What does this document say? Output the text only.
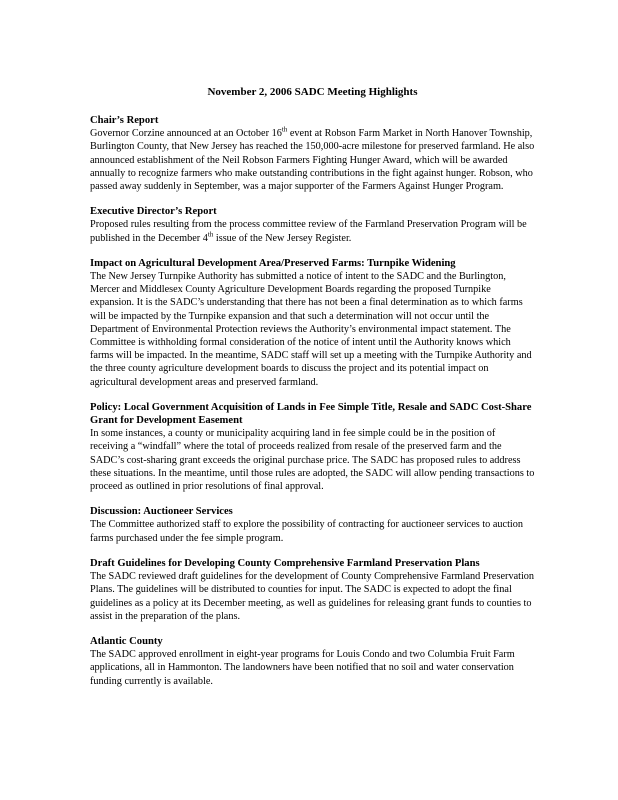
November 2, 2006 SADC Meeting Highlights

Chair’s Report

Governor Corzine announced at an October 16th event at Robson Farm Market in North Hanover Township, Burlington County, that New Jersey has reached the 150,000-acre milestone for preserved farmland. He also announced establishment of the Neil Robson Farmers Fighting Hunger Award, which will be awarded annually to recognize farmers who make outstanding contributions in the fight against hunger. Robson, who passed away suddenly in September, was a major supporter of the Farmers Against Hunger Program.

Executive Director’s Report

Proposed rules resulting from the process committee review of the Farmland Preservation Program will be published in the December 4th issue of the New Jersey Register.

Impact on Agricultural Development Area/Preserved Farms: Turnpike Widening

The New Jersey Turnpike Authority has submitted a notice of intent to the SADC and the Burlington, Mercer and Middlesex County Agriculture Development Boards regarding the proposed Turnpike expansion. It is the SADC’s understanding that there has not been a final determination as to which farms will be impacted by the Turnpike expansion and that such a determination will not occur until the Department of Environmental Protection reviews the Authority’s environmental impact statement. The Committee is withholding formal consideration of the notice of intent until the Authority knows which farms will be impacted. In the meantime, SADC staff will set up a meeting with the Turnpike Authority and the three county agriculture development boards to discuss the project and its potential impact on agricultural development areas and preserved farmland.

Policy: Local Government Acquisition of Lands in Fee Simple Title, Resale and SADC Cost-Share Grant for Development Easement

In some instances, a county or municipality acquiring land in fee simple could be in the position of receiving a “windfall” where the total of proceeds realized from resale of the preserved farm and the SADC’s cost-sharing grant exceeds the original purchase price. The SADC has proposed rules to address these situations. In the meantime, until those rules are adopted, the SADC will allow pending transactions to proceed as outlined in prior resolutions of final approval.

Discussion: Auctioneer Services

The Committee authorized staff to explore the possibility of contracting for auctioneer services to auction farms purchased under the fee simple program.

Draft Guidelines for Developing County Comprehensive Farmland Preservation Plans

The SADC reviewed draft guidelines for the development of County Comprehensive Farmland Preservation Plans. The guidelines will be distributed to counties for input. The SADC is expected to adopt the final guidelines as a policy at its December meeting, as well as guidelines for releasing grant funds to counties to assist in the preparation of the plans.

Atlantic County

The SADC approved enrollment in eight-year programs for Louis Condo and two Columbia Fruit Farm applications, all in Hammonton. The landowners have been notified that no soil and water conservation funding currently is available.
